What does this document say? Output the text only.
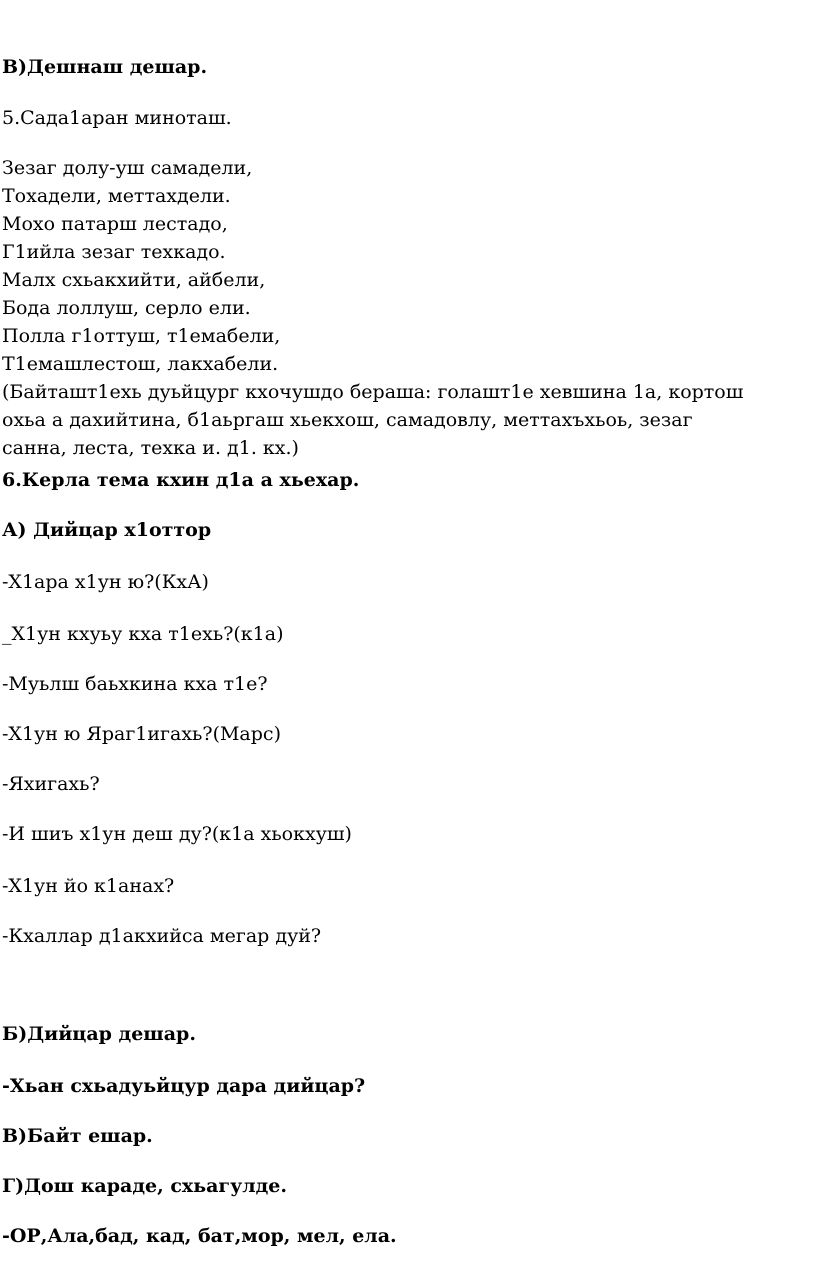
В)Дешнаш дешар.

5.Сада1аран миноташ.

Зезаг долу-уш самадели,

Тохадели, меттахдели.

Мохо патарш лестадо,

Г1ийла зезаг техкадо.

Малх схьакхийти, айбели,

Бода лоллуш, серло ели.

Полла г1оттуш, т1емабели,

Т1емашлестош, лакхабели.

(Байташт1ехь дуьйцург кхочушдо бераша: голашт1е хевшина 1а, кортош

охьа а дахийтина, б1аьргаш хьекхош, самадовлу, меттахъхьоь, зезаг

санна, леста, техка и. д1. кх.)

6.Керла тема кхин д1а а хьехар.

А) Дийцар х1оттор

-Х1ара х1ун ю?(КхА)

_Х1ун кхуьу кха т1ехь?(к1а)

-Муьлш баьхкина кха т1е?

-Х1ун ю Яраг1игахь?(Марс)

-Яхигахь?

-И шиъ х1ун деш ду?(к1а хьокхуш)

-Х1ун йо к1анах?

-Кхаллар д1акхийса мегар дуй?

Б)Дийцар дешар.

-Хьан схьадуьйцур дара дийцар?

В)Байт ешар.

Г)Дош караде, схьагулде.

-ОР,Ала,бад, кад, бат,мор, мел, ела.
